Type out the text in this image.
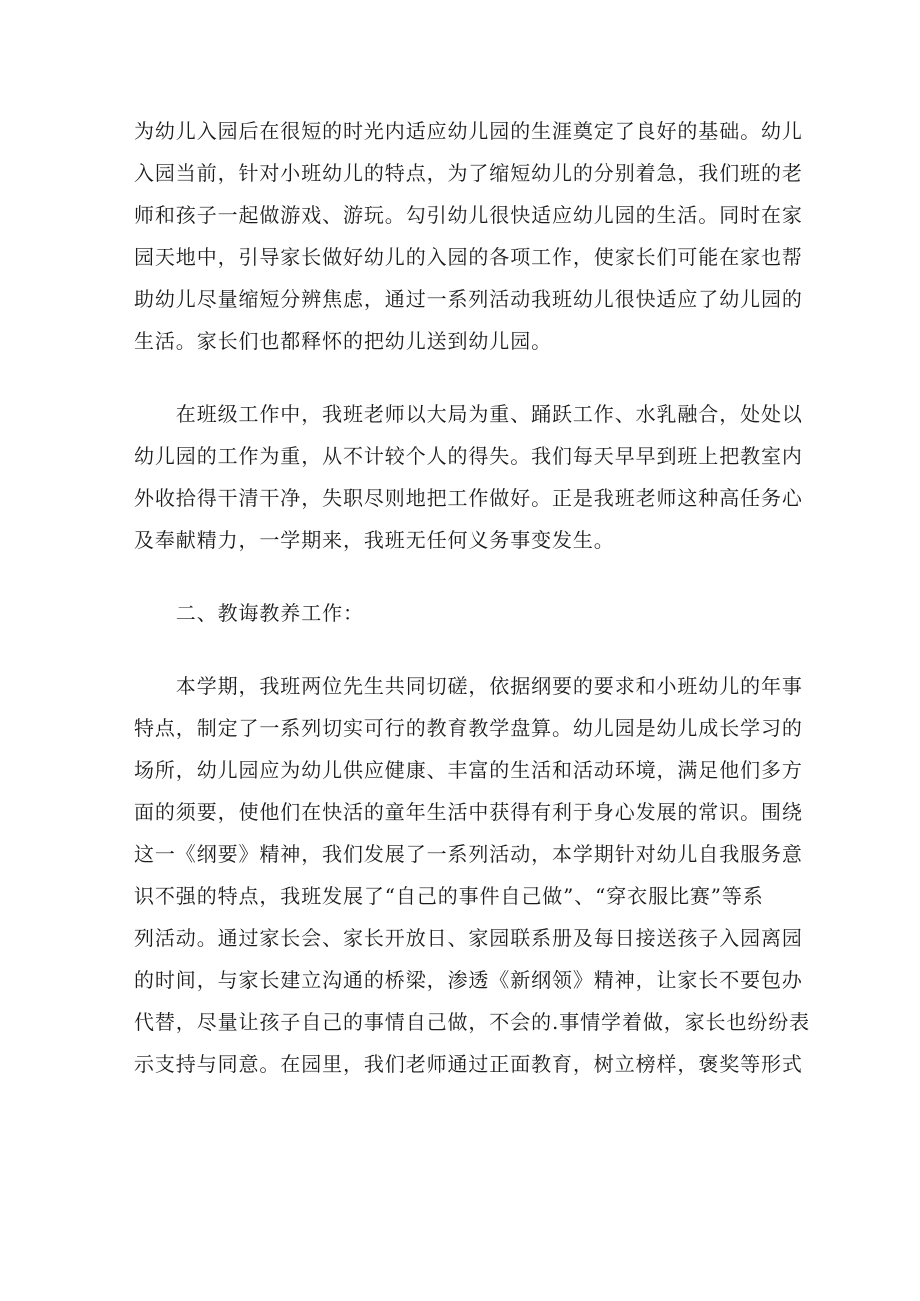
为幼儿入园后在很短的时光内适应幼儿园的生涯奠定了良好的基础。幼儿
入园当前，针对小班幼儿的特点，为了缩短幼儿的分别着急，我们班的老
师和孩子一起做游戏、游玩。勾引幼儿很快适应幼儿园的生活。同时在家
园天地中，引导家长做好幼儿的入园的各项工作，使家长们可能在家也帮
助幼儿尽量缩短分辨焦虑，通过一系列活动我班幼儿很快适应了幼儿园的
生活。家长们也都释怀的把幼儿送到幼儿园。
　　在班级工作中，我班老师以大局为重、踊跃工作、水乳融合，处处以
幼儿园的工作为重，从不计较个人的得失。我们每天早早到班上把教室内
外收拾得干清干净，失职尽则地把工作做好。正是我班老师这种高任务心
及奉献精力，一学期来，我班无任何义务事变发生。
　　二、教诲教养工作：
　　本学期，我班两位先生共同切磋，依据纲要的要求和小班幼儿的年事
特点，制定了一系列切实可行的教育教学盘算。幼儿园是幼儿成长学习的
场所，幼儿园应为幼儿供应健康、丰富的生活和活动环境，满足他们多方
面的须要，使他们在快活的童年生活中获得有利于身心发展的常识。围绕
这一《纲要》精神，我们发展了一系列活动，本学期针对幼儿自我服务意
识不强的特点，我班发展了“自己的事件自己做”、“穿衣服比赛”等系
列活动。通过家长会、家长开放日、家园联系册及每日接送孩子入园离园
的时间，与家长建立沟通的桥梁，渗透《新纲领》精神，让家长不要包办
代替，尽量让孩子自己的事情自己做，不会的.事情学着做，家长也纷纷表
示支持与同意。在园里，我们老师通过正面教育，树立榜样，褒奖等形式
